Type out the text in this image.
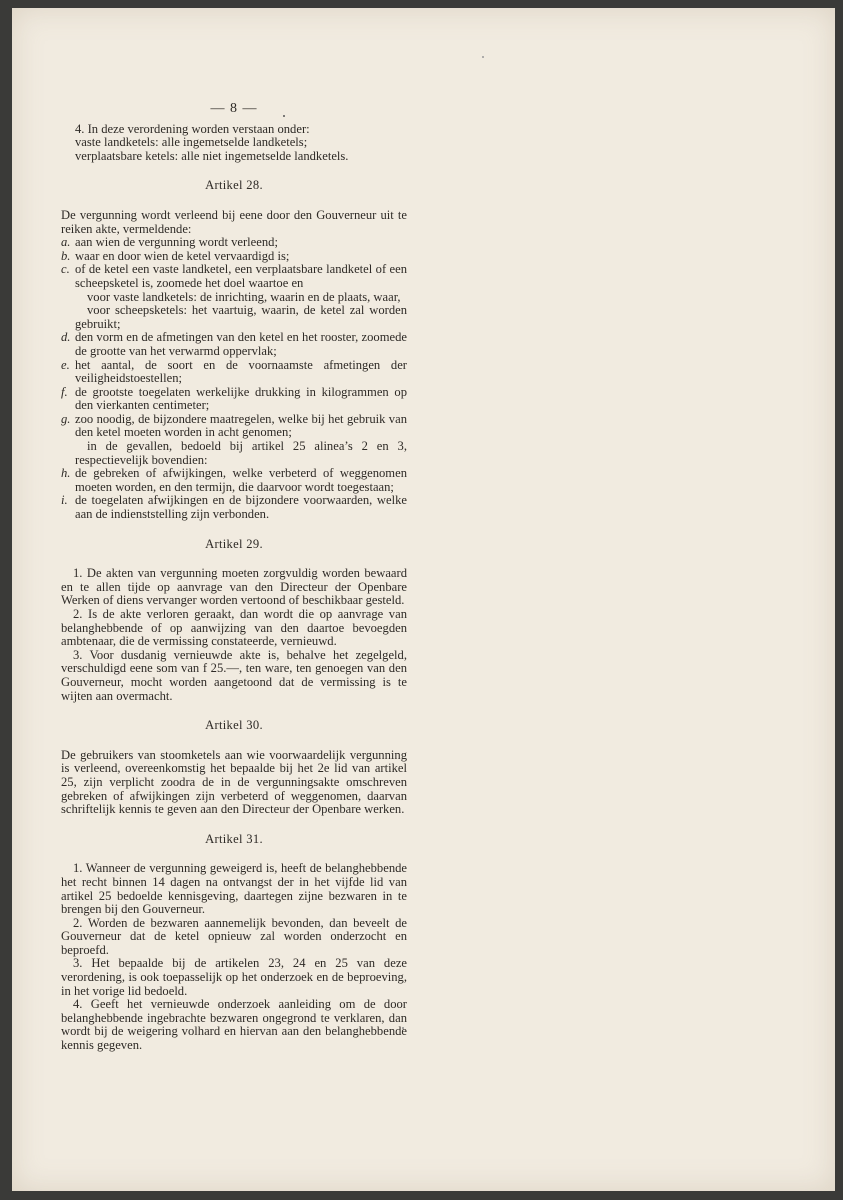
— 8 —

4. In deze verordening worden verstaan onder:

vaste landketels: alle ingemetselde landketels;

verplaatsbare ketels: alle niet ingemetselde landketels.

Artikel 28.

De vergunning wordt verleend bij eene door den Gouverneur uit te reiken akte, vermeldende:

a. aan wien de vergunning wordt verleend;
b. waar en door wien de ketel vervaardigd is;
c. of de ketel een vaste landketel, een verplaatsbare landketel of een scheepsketel is, zoomede het doel waartoe en

voor vaste landketels: de inrichting, waarin en de plaats, waar,

voor scheepsketels: het vaartuig, waarin, de ketel zal worden gebruikt;

d. den vorm en de afmetingen van den ketel en het rooster, zoomede de grootte van het verwarmd oppervlak;
e. het aantal, de soort en de voornaamste afmetingen der veiligheidstoestellen;
f. de grootste toegelaten werkelijke drukking in kilogrammen op den vierkanten centimeter;
g. zoo noodig, de bijzondere maatregelen, welke bij het gebruik van den ketel moeten worden in acht genomen;

in de gevallen, bedoeld bij artikel 25 alinea’s 2 en 3, respectievelijk bovendien:

h. de gebreken of afwijkingen, welke verbeterd of weggenomen moeten worden, en den termijn, die daarvoor wordt toegestaan;
i. de toegelaten afwijkingen en de bijzondere voorwaarden, welke aan de indienststelling zijn verbonden.
Artikel 29.

1. De akten van vergunning moeten zorgvuldig worden bewaard en te allen tijde op aanvrage van den Directeur der Openbare Werken of diens vervanger worden vertoond of beschikbaar gesteld.

2. Is de akte verloren geraakt, dan wordt die op aanvrage van belanghebbende of op aanwijzing van den daartoe bevoegden ambtenaar, die de vermissing constateerde, vernieuwd.

3. Voor dusdanig vernieuwde akte is, behalve het zegelgeld, verschuldigd eene som van f 25.—, ten ware, ten genoegen van den Gouverneur, mocht worden aangetoond dat de vermissing is te wijten aan overmacht.

Artikel 30.

De gebruikers van stoomketels aan wie voorwaardelijk vergunning is verleend, overeenkomstig het bepaalde bij het 2e lid van artikel 25, zijn verplicht zoodra de in de vergunningsakte omschreven gebreken of afwijkingen zijn verbeterd of weggenomen, daarvan schriftelijk kennis te geven aan den Directeur der Openbare werken.

Artikel 31.

1. Wanneer de vergunning geweigerd is, heeft de belanghebbende het recht binnen 14 dagen na ontvangst der in het vijfde lid van artikel 25 bedoelde kennisgeving, daartegen zijne bezwaren in te brengen bij den Gouverneur.

2. Worden de bezwaren aannemelijk bevonden, dan beveelt de Gouverneur dat de ketel opnieuw zal worden onderzocht en beproefd.

3. Het bepaalde bij de artikelen 23, 24 en 25 van deze verordening, is ook toepasselijk op het onderzoek en de beproeving, in het vorige lid bedoeld.

4. Geeft het vernieuwde onderzoek aanleiding om de door belanghebbende ingebrachte bezwaren ongegrond te verklaren, dan wordt bij de weigering volhard en hiervan aan den belanghebbende kennis gegeven.
